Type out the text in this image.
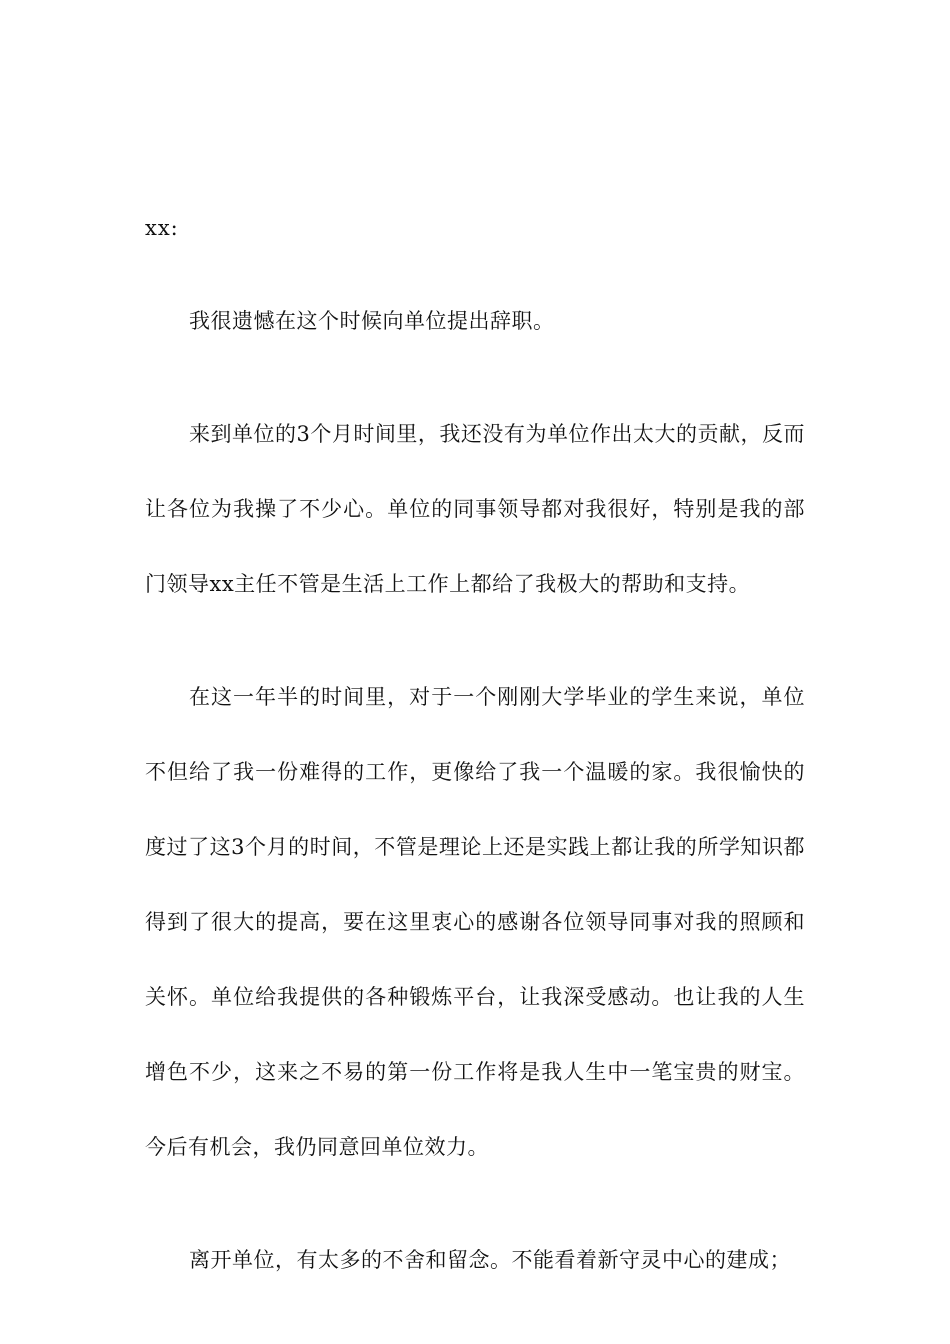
xx:

我很遗憾在这个时候向单位提出辞职。

来到单位的3个月时间里，我还没有为单位作出太大的贡献，反而让各位为我操了不少心。单位的同事领导都对我很好，特别是我的部门领导xx主任不管是生活上工作上都给了我极大的帮助和支持。

在这一年半的时间里，对于一个刚刚大学毕业的学生来说，单位不但给了我一份难得的工作，更像给了我一个温暖的家。我很愉快的度过了这3个月的时间，不管是理论上还是实践上都让我的所学知识都得到了很大的提高，要在这里衷心的感谢各位领导同事对我的照顾和关怀。单位给我提供的各种锻炼平台，让我深受感动。也让我的人生增色不少，这来之不易的第一份工作将是我人生中一笔宝贵的财宝。今后有机会，我仍同意回单位效力。

离开单位，有太多的不舍和留念。不能看着新守灵中心的建成；
